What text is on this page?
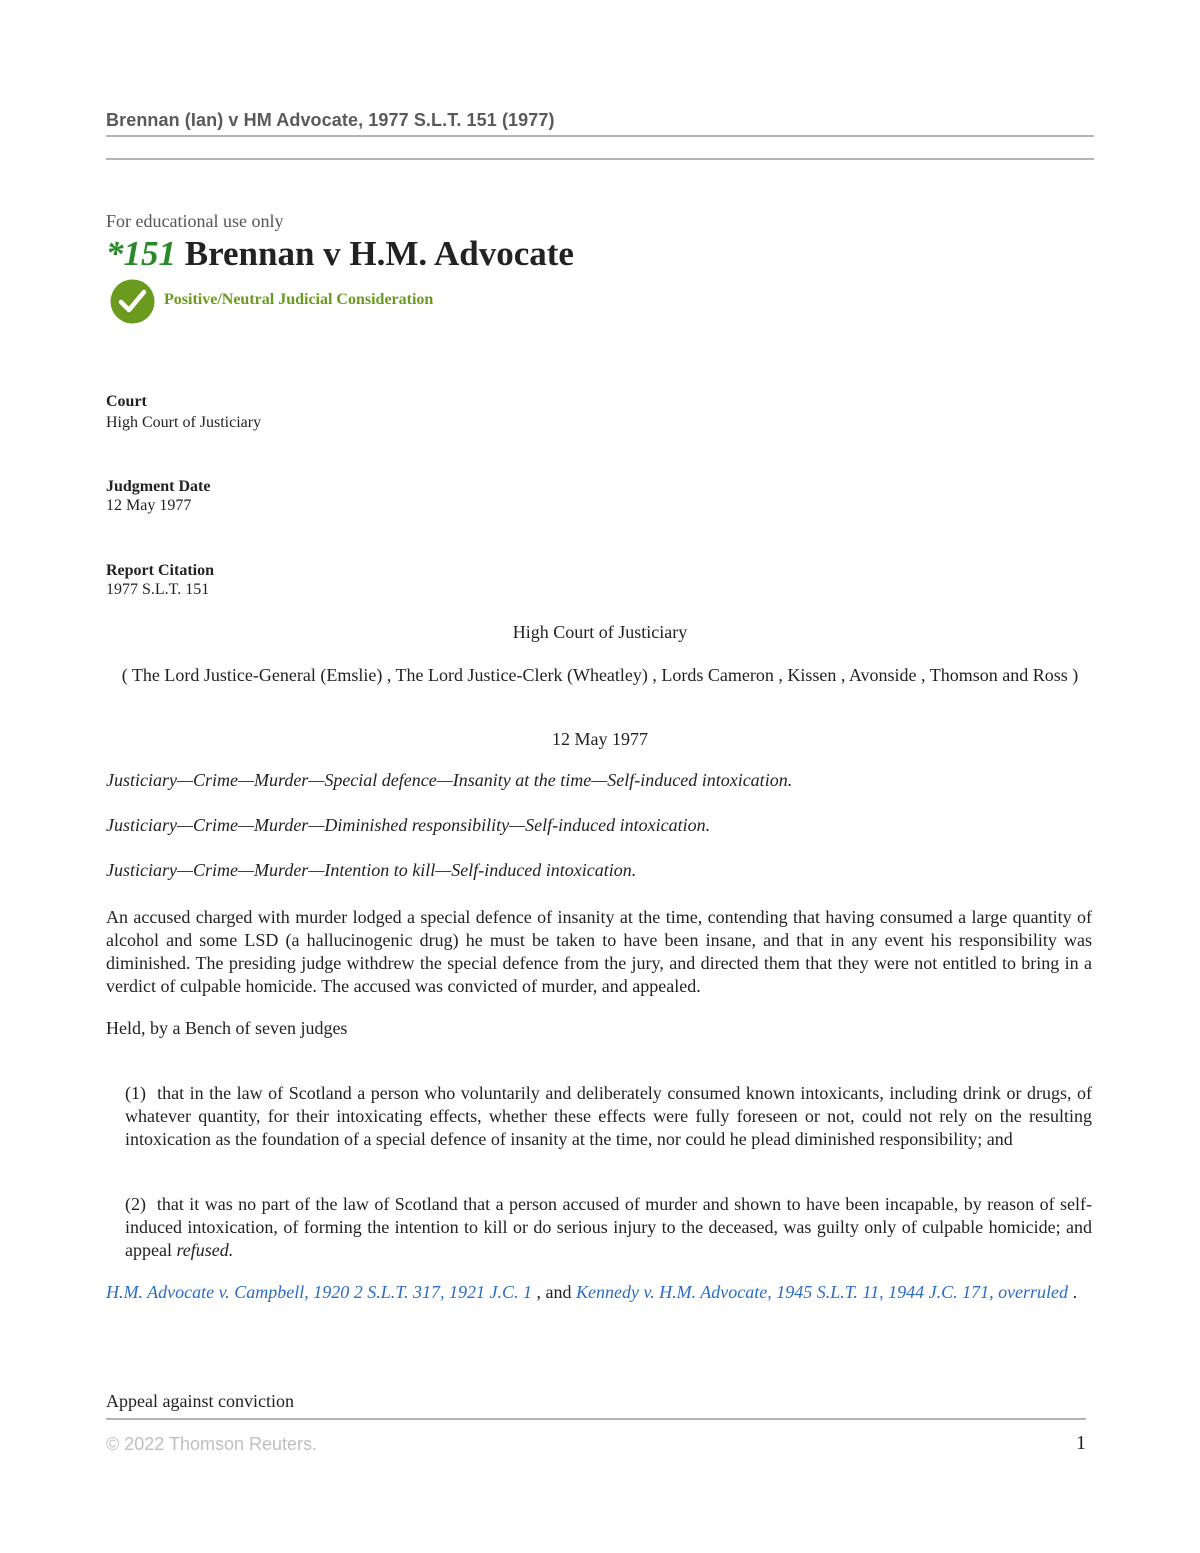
Brennan (Ian) v HM Advocate, 1977 S.L.T. 151 (1977)
For educational use only
*151 Brennan v H.M. Advocate
Positive/Neutral Judicial Consideration
Court
High Court of Justiciary
Judgment Date
12 May 1977
Report Citation
1977 S.L.T. 151
High Court of Justiciary
( The Lord Justice-General (Emslie) , The Lord Justice-Clerk (Wheatley) , Lords Cameron , Kissen , Avonside , Thomson and Ross )
12 May 1977
Justiciary—Crime—Murder—Special defence—Insanity at the time—Self-induced intoxication.
Justiciary—Crime—Murder—Diminished responsibility—Self-induced intoxication.
Justiciary—Crime—Murder—Intention to kill—Self-induced intoxication.
An accused charged with murder lodged a special defence of insanity at the time, contending that having consumed a large quantity of alcohol and some LSD (a hallucinogenic drug) he must be taken to have been insane, and that in any event his responsibility was diminished. The presiding judge withdrew the special defence from the jury, and directed them that they were not entitled to bring in a verdict of culpable homicide. The accused was convicted of murder, and appealed.
Held, by a Bench of seven judges
(1) that in the law of Scotland a person who voluntarily and deliberately consumed known intoxicants, including drink or drugs, of whatever quantity, for their intoxicating effects, whether these effects were fully foreseen or not, could not rely on the resulting intoxication as the foundation of a special defence of insanity at the time, nor could he plead diminished responsibility; and
(2) that it was no part of the law of Scotland that a person accused of murder and shown to have been incapable, by reason of self-induced intoxication, of forming the intention to kill or do serious injury to the deceased, was guilty only of culpable homicide; and appeal refused.
H.M. Advocate v. Campbell, 1920 2 S.L.T. 317, 1921 J.C. 1 , and Kennedy v. H.M. Advocate, 1945 S.L.T. 11, 1944 J.C. 171, overruled .
Appeal against conviction
© 2022 Thomson Reuters.	1
